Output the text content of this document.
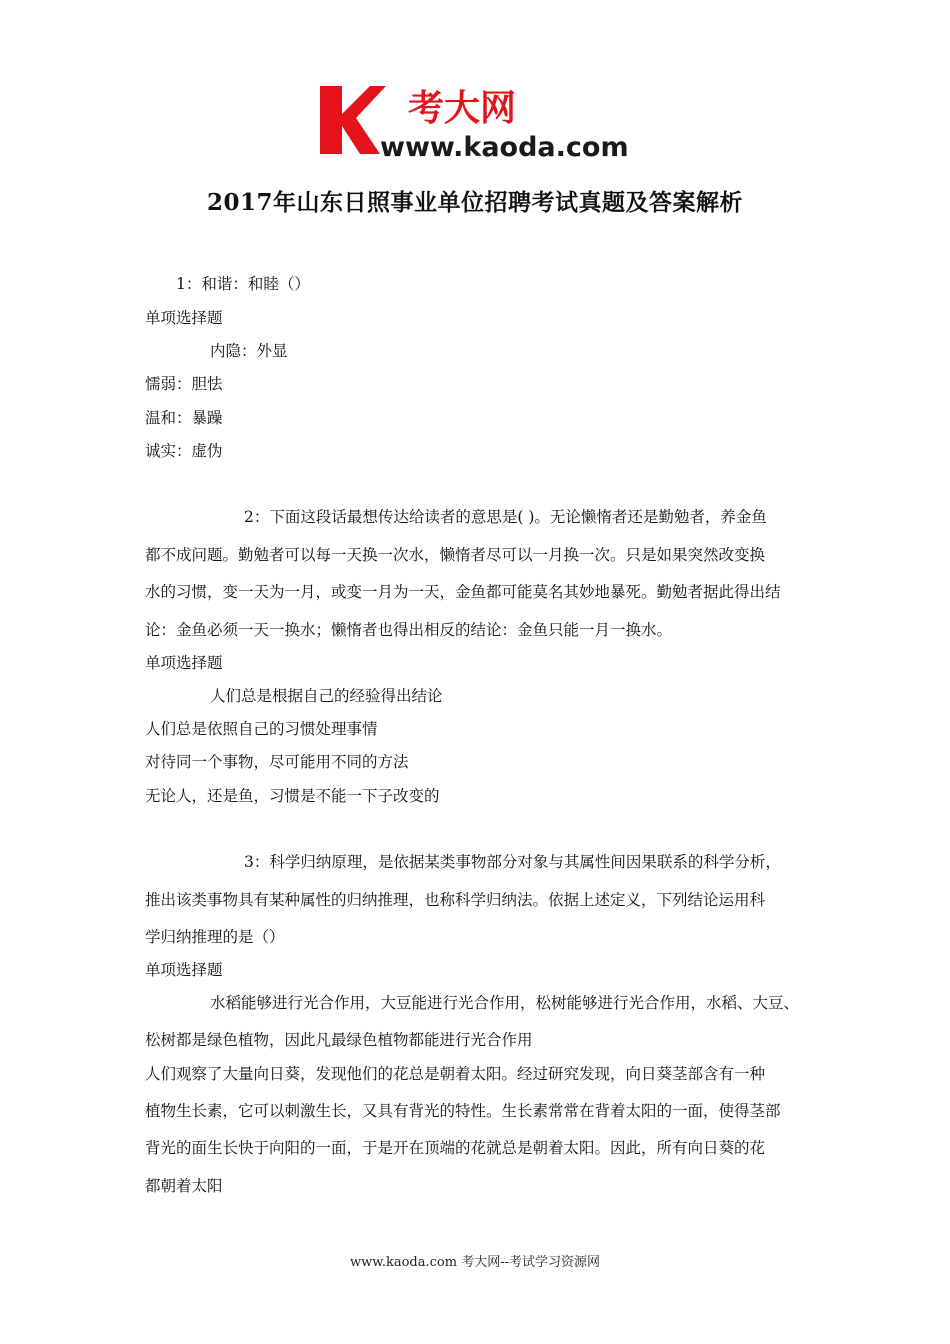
考大网
www.kaoda.com
2017年山东日照事业单位招聘考试真题及答案解析
1：和谐：和睦（）
单项选择题
内隐：外显
懦弱：胆怯
温和：暴躁
诚实：虚伪
2：下面这段话最想传达给读者的意思是( )。无论懒惰者还是勤勉者，养金鱼
都不成问题。勤勉者可以每一天换一次水，懒惰者尽可以一月换一次。只是如果突然改变换
水的习惯，变一天为一月，或变一月为一天，金鱼都可能莫名其妙地暴死。勤勉者据此得出结
论：金鱼必须一天一换水；懒惰者也得出相反的结论：金鱼只能一月一换水。
单项选择题
人们总是根据自己的经验得出结论
人们总是依照自己的习惯处理事情
对待同一个事物，尽可能用不同的方法
无论人，还是鱼，习惯是不能一下子改变的
3：科学归纳原理，是依据某类事物部分对象与其属性间因果联系的科学分析，
推出该类事物具有某种属性的归纳推理，也称科学归纳法。依据上述定义，下列结论运用科
学归纳推理的是（）
单项选择题
水稻能够进行光合作用，大豆能进行光合作用，松树能够进行光合作用，水稻、大豆、
松树都是绿色植物，因此凡最绿色植物都能进行光合作用
人们观察了大量向日葵，发现他们的花总是朝着太阳。经过研究发现，向日葵茎部含有一种
植物生长素，它可以刺激生长，又具有背光的特性。生长素常常在背着太阳的一面，使得茎部
背光的面生长快于向阳的一面，于是开在顶端的花就总是朝着太阳。因此，所有向日葵的花
都朝着太阳
www.kaoda.com 考大网--考试学习资源网
